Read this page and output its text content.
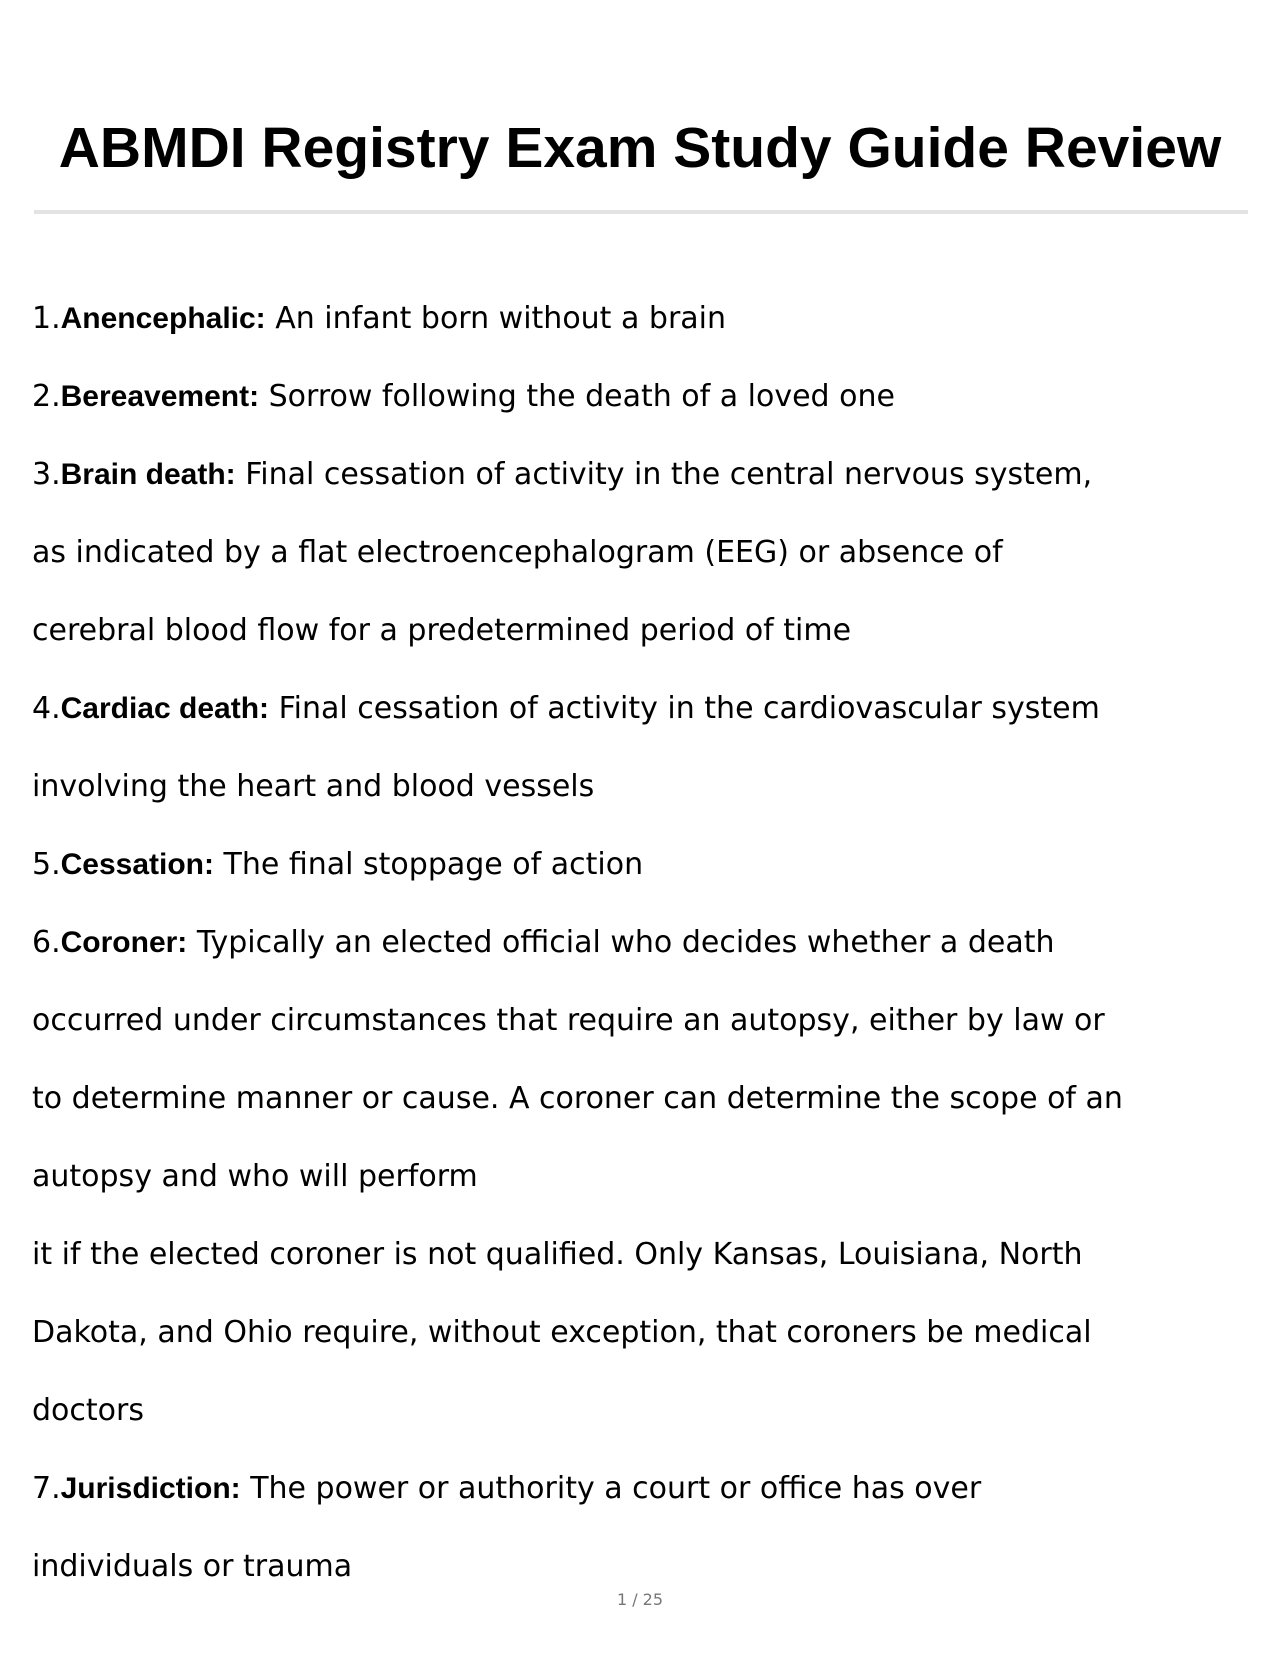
ABMDI Registry Exam Study Guide Review
1.Anencephalic: An infant born without a brain
2.Bereavement: Sorrow following the death of a loved one
3.Brain death: Final cessation of activity in the central nervous system,
as indicated by a flat electroencephalogram (EEG) or absence of
cerebral blood flow for a predetermined period of time
4.Cardiac death: Final cessation of activity in the cardiovascular system
involving the heart and blood vessels
5.Cessation: The final stoppage of action
6.Coroner: Typically an elected official who decides whether a death
occurred under circumstances that require an autopsy, either by law or
to determine manner or cause. A coroner can determine the scope of an
autopsy and who will perform
it if the elected coroner is not qualified. Only Kansas, Louisiana, North
Dakota, and Ohio require, without exception, that coroners be medical
doctors
7.Jurisdiction: The power or authority a court or office has over
individuals or trauma
1 / 25
